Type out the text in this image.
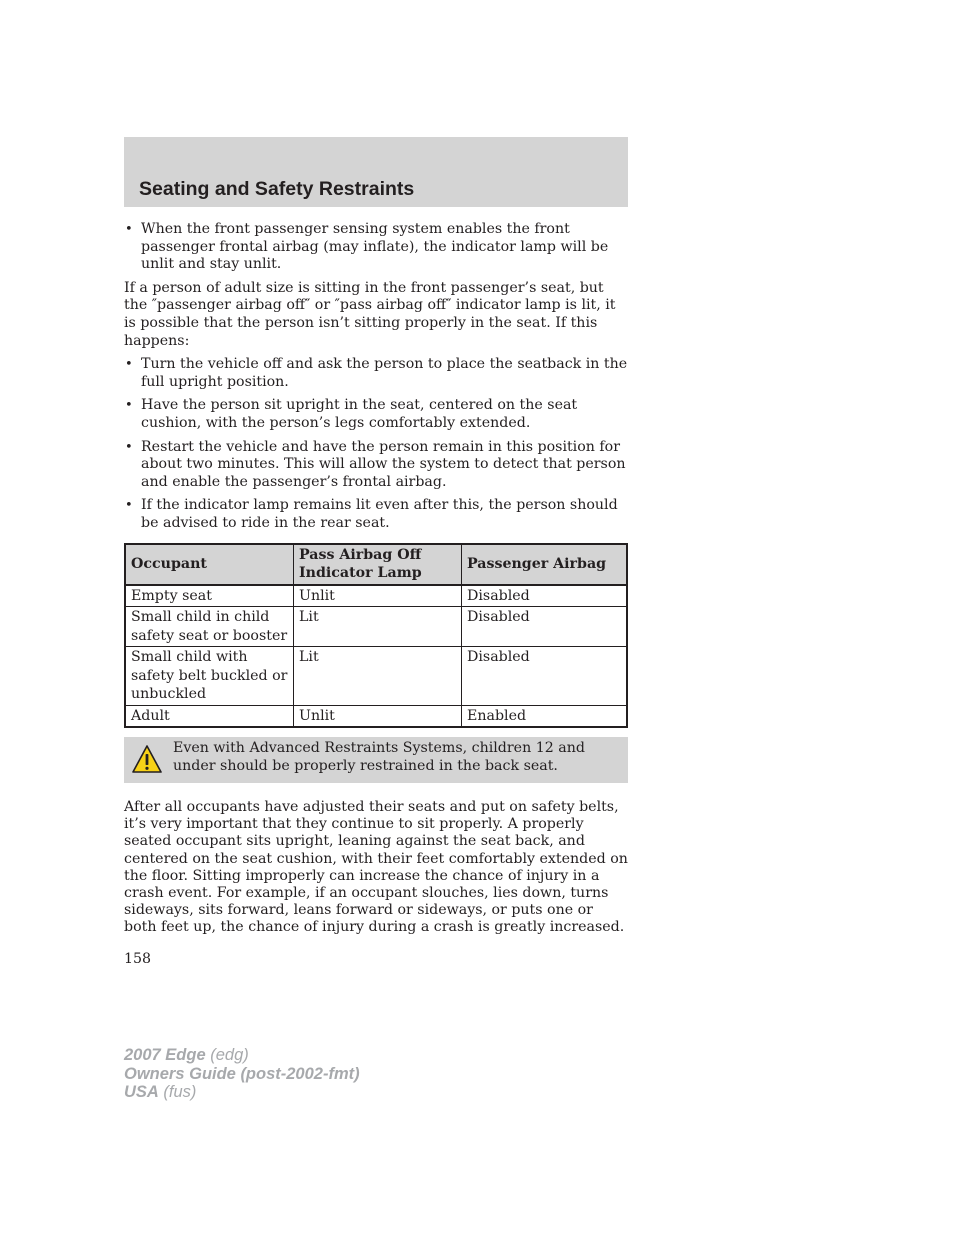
Seating and Safety Restraints
• When the front passenger sensing system enables the front passenger frontal airbag (may inflate), the indicator lamp will be unlit and stay unlit.

If a person of adult size is sitting in the front passenger’s seat, but the ″passenger airbag off″ or ″pass airbag off″ indicator lamp is lit, it is possible that the person isn’t sitting properly in the seat. If this happens:

• Turn the vehicle off and ask the person to place the seatback in the full upright position.
• Have the person sit upright in the seat, centered on the seat cushion, with the person’s legs comfortably extended.
• Restart the vehicle and have the person remain in this position for about two minutes. This will allow the system to detect that person and enable the passenger’s frontal airbag.
• If the indicator lamp remains lit even after this, the person should be advised to ride in the rear seat.
Occupant	Pass Airbag Off Indicator Lamp	Passenger Airbag
Empty seat	Unlit	Disabled
Small child in child safety seat or booster	Lit	Disabled
Small child with safety belt buckled or unbuckled	Lit	Disabled
Adult	Unlit	Enabled
Even with Advanced Restraints Systems, children 12 and under should be properly restrained in the back seat.

After all occupants have adjusted their seats and put on safety belts, it’s very important that they continue to sit properly. A properly seated occupant sits upright, leaning against the seat back, and centered on the seat cushion, with their feet comfortably extended on the floor. Sitting improperly can increase the chance of injury in a crash event. For example, if an occupant slouches, lies down, turns sideways, sits forward, leans forward or sideways, or puts one or both feet up, the chance of injury during a crash is greatly increased.

158
2007 Edge (edg)
Owners Guide (post-2002-fmt)
USA (fus)
